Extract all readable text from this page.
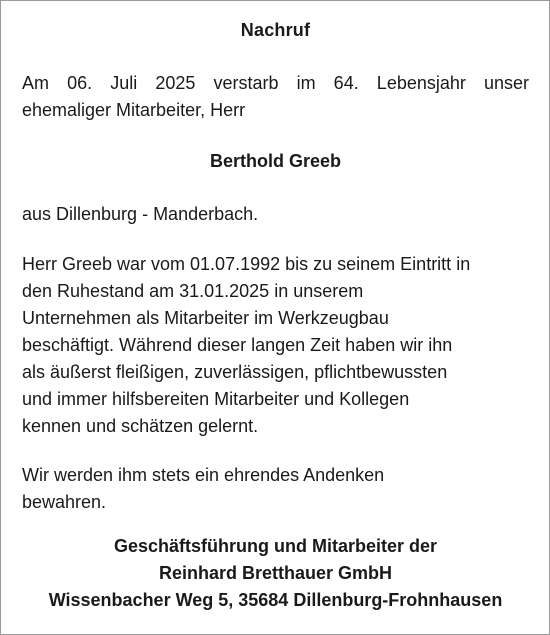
Nachruf

Am 06. Juli 2025 verstarb im 64. Lebensjahr unser
ehemaliger Mitarbeiter, Herr

Berthold Greeb

aus Dillenburg - Manderbach.

Herr Greeb war vom 01.07.1992 bis zu seinem Eintritt in
den Ruhestand am 31.01.2025 in unserem
Unternehmen als Mitarbeiter im Werkzeugbau
beschäftigt. Während dieser langen Zeit haben wir ihn
als äußerst fleißigen, zuverlässigen, pflichtbewussten
und immer hilfsbereiten Mitarbeiter und Kollegen
kennen und schätzen gelernt.

Wir werden ihm stets ein ehrendes Andenken
bewahren.

Geschäftsführung und Mitarbeiter der
Reinhard Bretthauer GmbH
Wissenbacher Weg 5, 35684 Dillenburg-Frohnhausen
